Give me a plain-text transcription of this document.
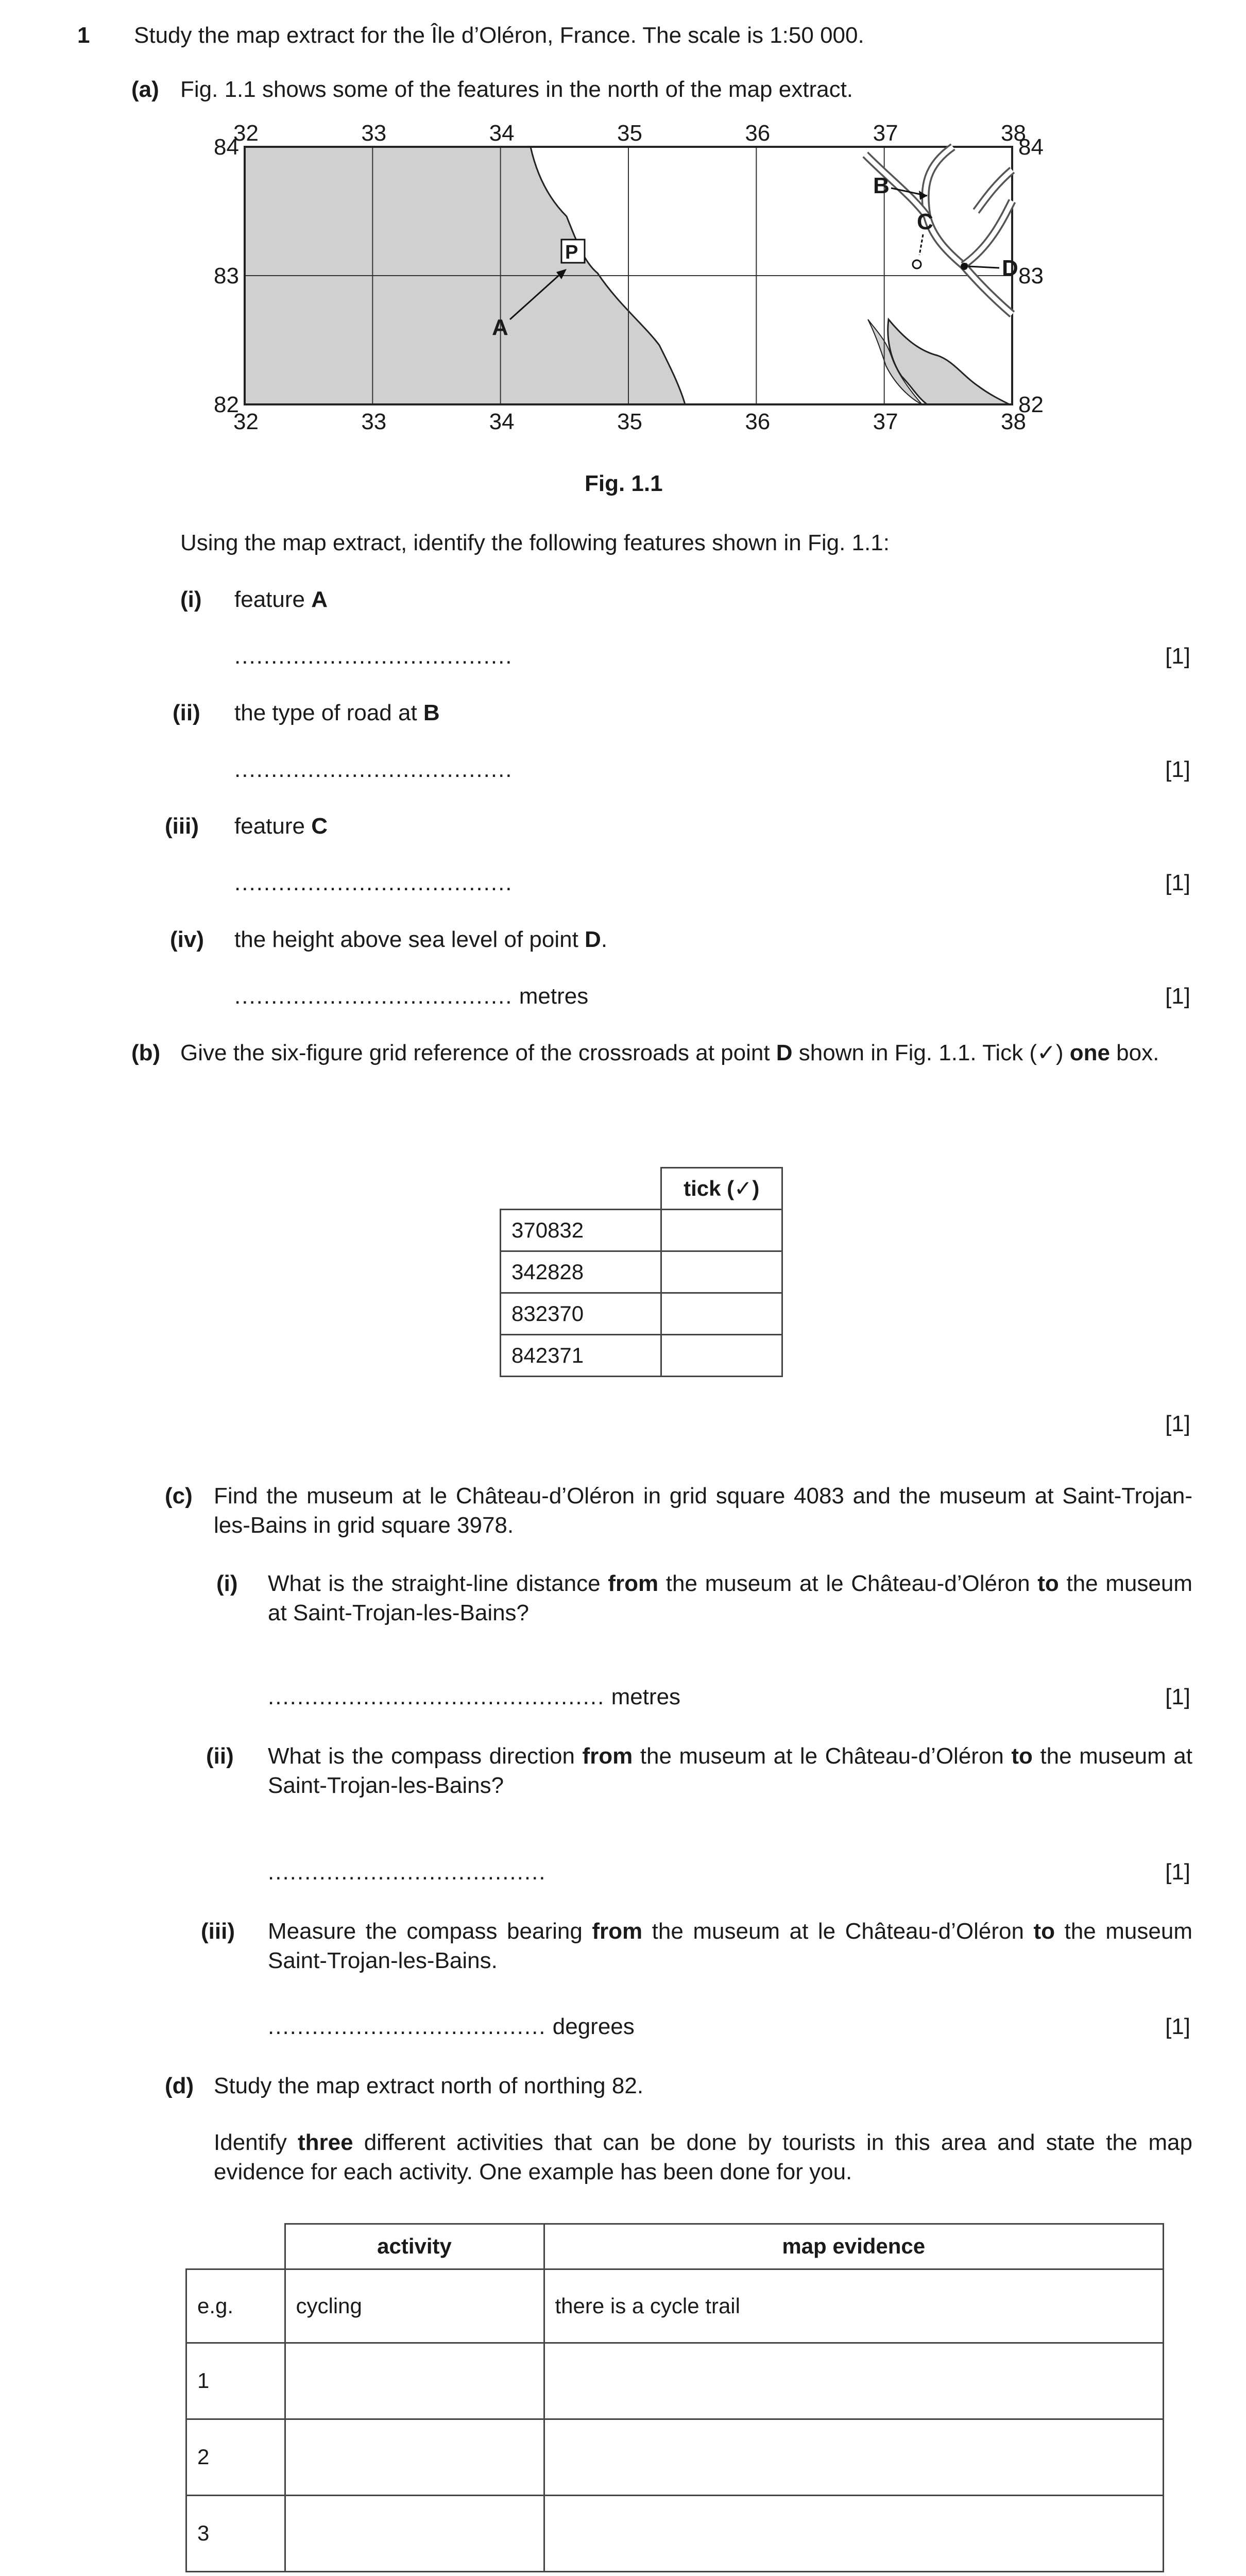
1 Study the map extract for the Île d’Oléron, France. The scale is 1:50 000.
(a) Fig. 1.1 shows some of the features in the north of the map extract.
B
C
D
P
A
32
32
33
33
34
34
35
35
36
36
37
37
38
38
84	84
83	83
82	82
Fig. 1.1
Using the map extract, identify the following features shown in Fig. 1.1:
(i) feature A
......................................	[1]
(ii) the type of road at B
......................................	[1]
(iii) feature C
......................................	[1]
(iv) the height above sea level of point D.
...................................... metres	[1]
(b) Give the six-figure grid reference of the crossroads at point D shown in Fig. 1.1. Tick (✓) one box.
	tick (✓)
370832	
342828	
832370	
842371	
[1]
(c) Find the museum at le Château-d’Oléron in grid square 4083 and the museum at Saint-Trojan-les-Bains in grid square 3978.
(i) What is the straight-line distance from the museum at le Château-d’Oléron to the museum at Saint-Trojan-les-Bains?
.............................................. metres	[1]
(ii) What is the compass direction from the museum at le Château-d’Oléron to the museum at Saint-Trojan-les-Bains?
......................................	[1]
(iii) Measure the compass bearing from the museum at le Château-d’Oléron to the museum Saint-Trojan-les-Bains.
...................................... degrees	[1]
(d) Study the map extract north of northing 82.
Identify three different activities that can be done by tourists in this area and state the map evidence for each activity. One example has been done for you.
	activity	map evidence
e.g.	cycling	there is a cycle trail
1		
2		
3		
